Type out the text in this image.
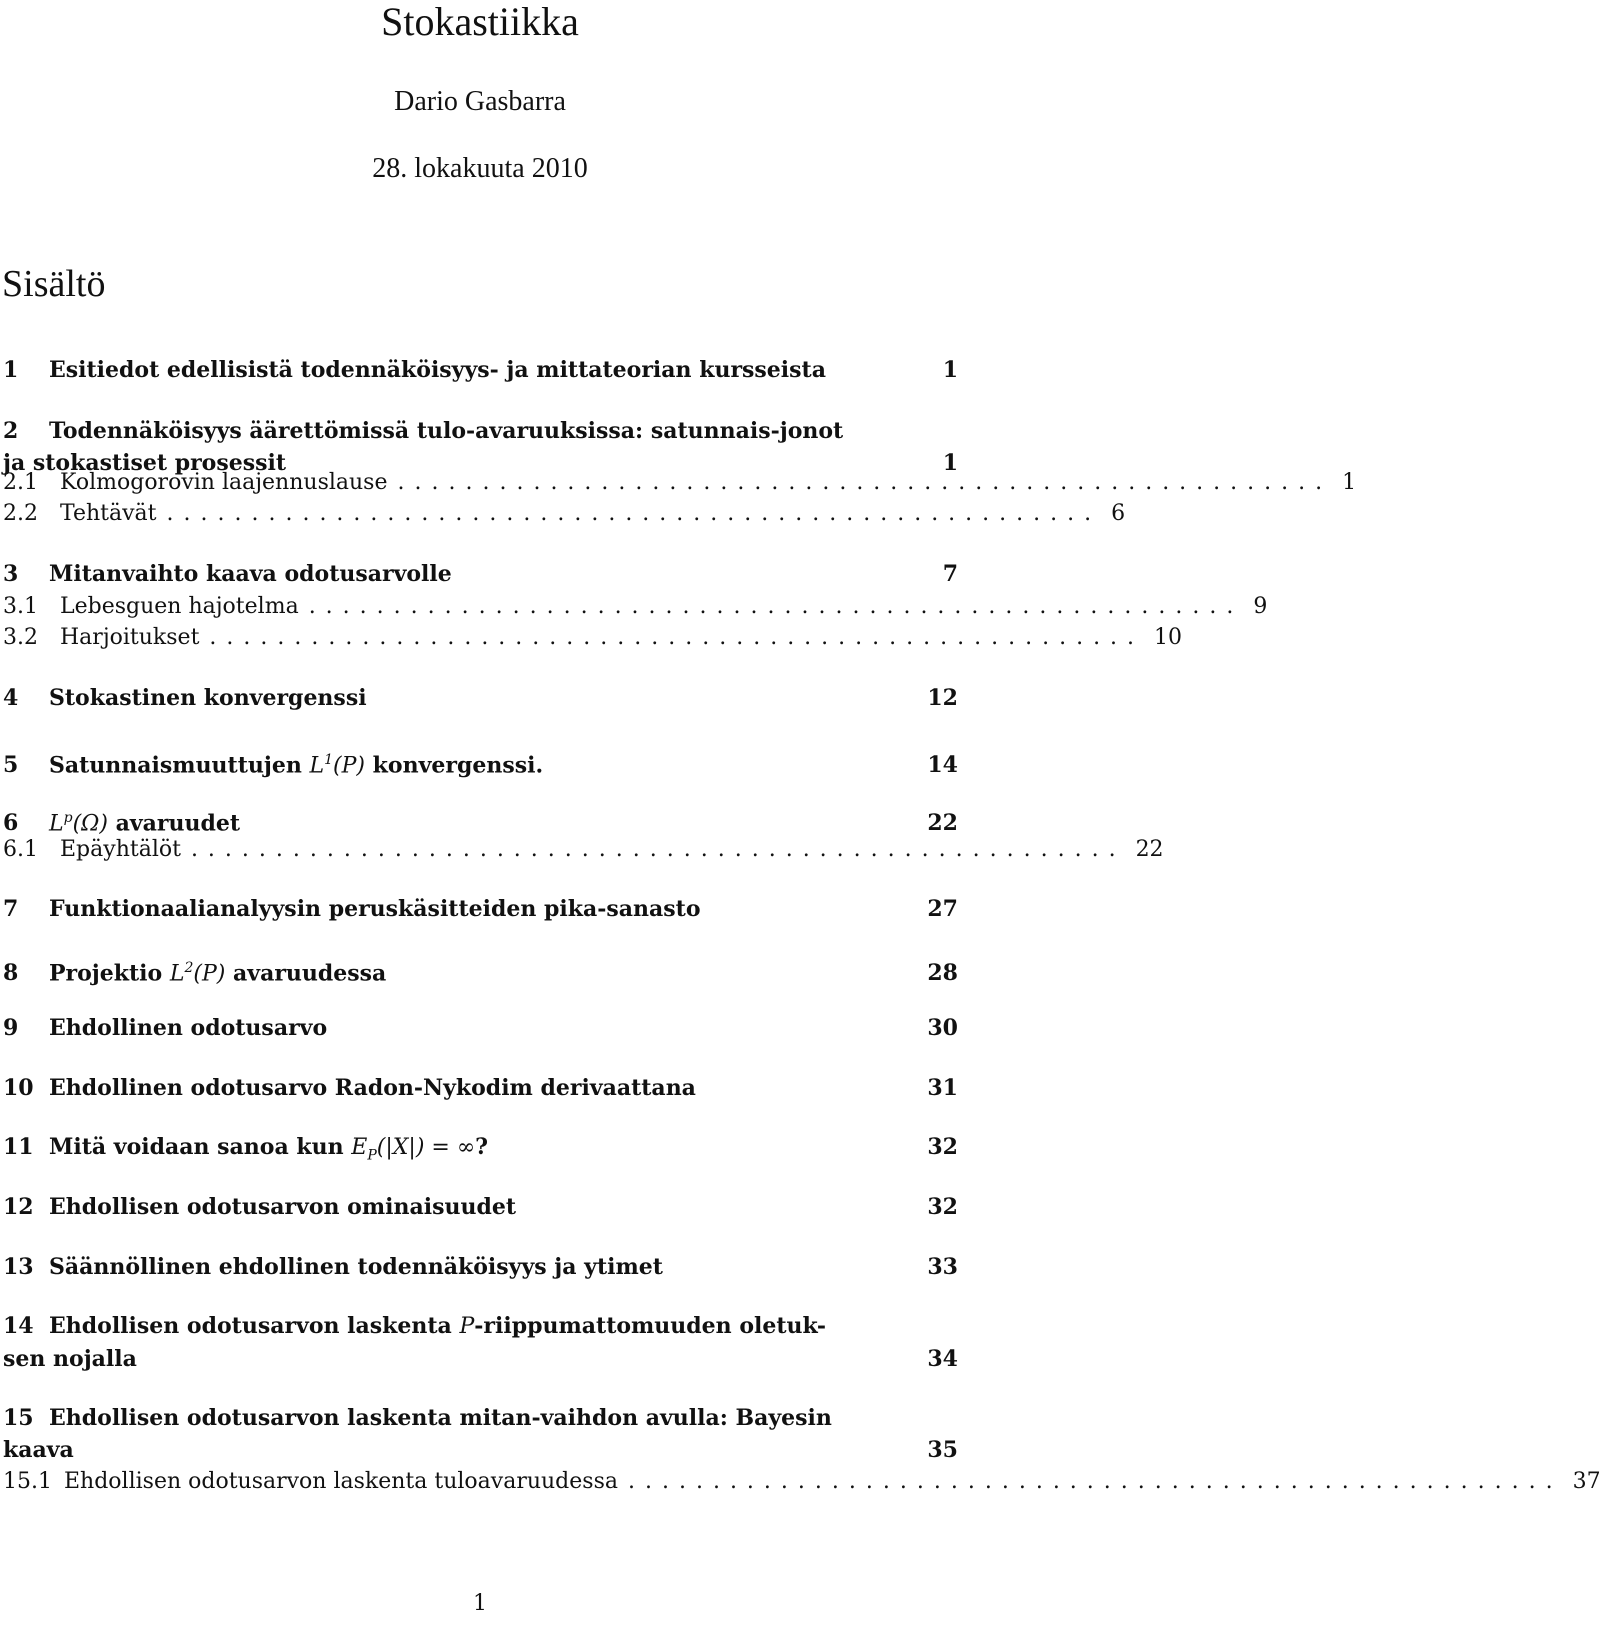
Stokastiikka
Dario Gasbarra
28. lokakuuta 2010
Sisältö
1	Esitiedot edellisistä todennäköisyys- ja mittateorian kursseista	1
2	Todennäköisyys äärettömissä tulo-avaruuksissa: satunnais-jonot
ja stokastiset prosessit	1
2.1 Kolmogorovin laajennuslause ....................................................... 1
2.2 Tehtävät ....................................................... 6
3	Mitanvaihto kaava odotusarvolle	7
3.1 Lebesguen hajotelma ....................................................... 9
3.2 Harjoitukset ....................................................... 10
4	Stokastinen konvergenssi	12
5	Satunnaismuuttujen $L^1(P)$ konvergenssi.	14
6	$L^p(\Omega)$ avaruudet	22
6.1 Epäyhtälöt ....................................................... 22
7	Funktionaalianalyysin peruskäsitteiden pika-sanasto	27
8	Projektio $L^2(P)$ avaruudessa	28
9	Ehdollinen odotusarvo	30
10 Ehdollinen odotusarvo Radon-Nykodim derivaattana	31
11 Mitä voidaan sanoa kun $E_P(|X|)$ = ∞?	32
12 Ehdollisen odotusarvon ominaisuudet	32
13 Säännöllinen ehdollinen todennäköisyys ja ytimet	33
14 Ehdollisen odotusarvon laskenta P-riippumattomuuden oletuk-
sen nojalla	34
15 Ehdollisen odotusarvon laskenta mitan-vaihdon avulla: Bayesin
kaava	35
15.1 Ehdollisen odotusarvon laskenta tuloavaruudessa ....................................................... 37
1
